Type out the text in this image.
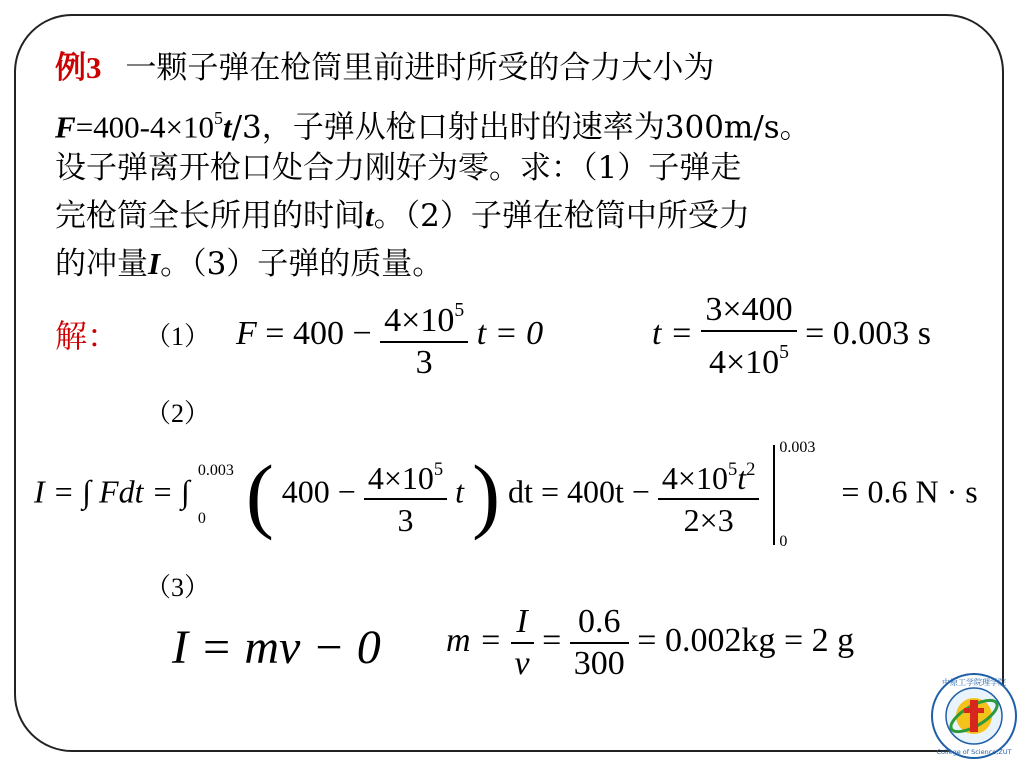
例3 一颗子弹在枪筒里前进时所受的合力大小为
$F=400-4\times 10^5t/3$，子弹从枪口射出时的速率为300m/s。
设子弹离开枪口处合力刚好为零。求：（1）子弹走
完枪筒全长所用的时间t。（2）子弹在枪筒中所受力
的冲量I。（3）子弹的质量。
解： （1）
（2）
（3）
$F = 400 - \frac{4\times 10^5}{3}$ t = 0	$t = \frac{3\times 400}{4\times 10^5} = 0.003$ s
I = ∫ Fdt = ∫
0.003
0 ( $400 - \frac{4\times 10^5}{3}$ t ) dt = $400t - \frac{4\times 10^5t^2}{2\times 3}$

0.003
0
= 0.6 N · s
I = mv − 0 $m = \frac{I}{v} = \frac{0.6}{300} = 0.002kg = 2$ g
中原工学院理学院
College of Science,ZUT
